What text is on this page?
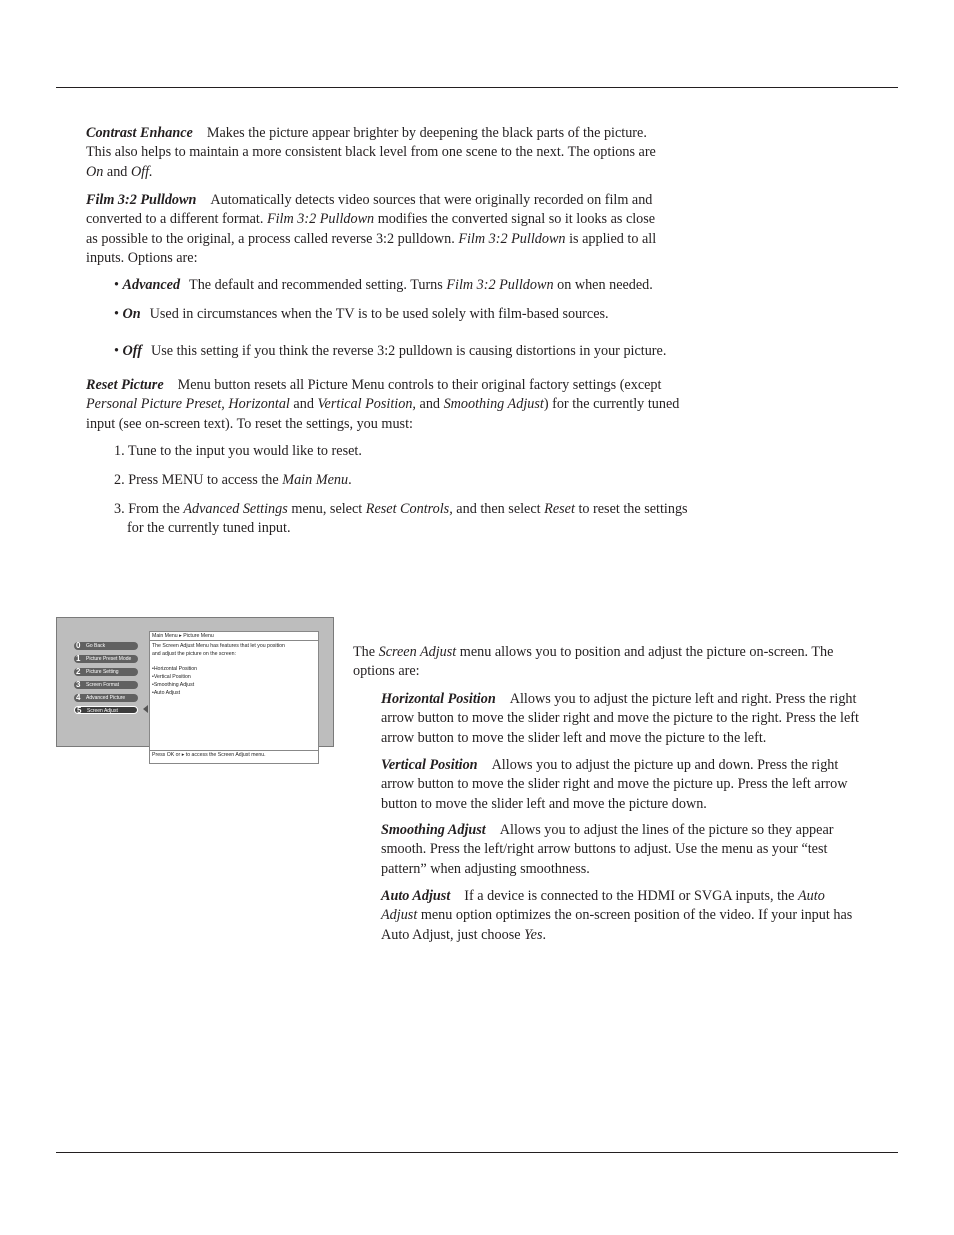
Contrast Enhance Makes the picture appear brighter by deepening the black parts of the picture.
This also helps to maintain a more consistent black level from one scene to the next. The options are
On and Off.
Film 3:2 Pulldown Automatically detects video sources that were originally recorded on film and
converted to a different format. Film 3:2 Pulldown modifies the converted signal so it looks as close
as possible to the original, a process called reverse 3:2 pulldown. Film 3:2 Pulldown is applied to all
inputs. Options are:
• Advanced The default and recommended setting. Turns Film 3:2 Pulldown on when needed.
• On Used in circumstances when the TV is to be used solely with film-based sources.
• Off Use this setting if you think the reverse 3:2 pulldown is causing distortions in your picture.
Reset Picture Menu button resets all Picture Menu controls to their original factory settings (except
Personal Picture Preset, Horizontal and Vertical Position, and Smoothing Adjust) for the currently tuned
input (see on-screen text). To reset the settings, you must:
1. Tune to the input you would like to reset.
2. Press MENU to access the Main Menu.
3. From the Advanced Settings menu, select Reset Controls, and then select Reset to reset the settings
for the currently tuned input.
0 Go Back
1 Picture Preset Mode
2 Picture Setting
3 Screen Format
4 Advanced Picture
5 Screen Adjust
Main Menu ▸ Picture Menu
The Screen Adjust Menu has features that let you position
and adjust the picture on the screen:
•Horizontal Position
•Vertical Position
•Smoothing Adjust
•Auto Adjust
Press OK or ▸ to access the Screen Adjust menu.
The Screen Adjust menu allows you to position and adjust the picture on-screen. The
options are:
Horizontal Position Allows you to adjust the picture left and right. Press the right
arrow button to move the slider right and move the picture to the right. Press the left
arrow button to move the slider left and move the picture to the left.
Vertical Position Allows you to adjust the picture up and down. Press the right
arrow button to move the slider right and move the picture up. Press the left arrow
button to move the slider left and move the picture down.
Smoothing Adjust Allows you to adjust the lines of the picture so they appear
smooth. Press the left/right arrow buttons to adjust. Use the menu as your “test
pattern” when adjusting smoothness.
Auto Adjust If a device is connected to the HDMI or SVGA inputs, the Auto
Adjust menu option optimizes the on-screen position of the video. If your input has
Auto Adjust, just choose Yes.
